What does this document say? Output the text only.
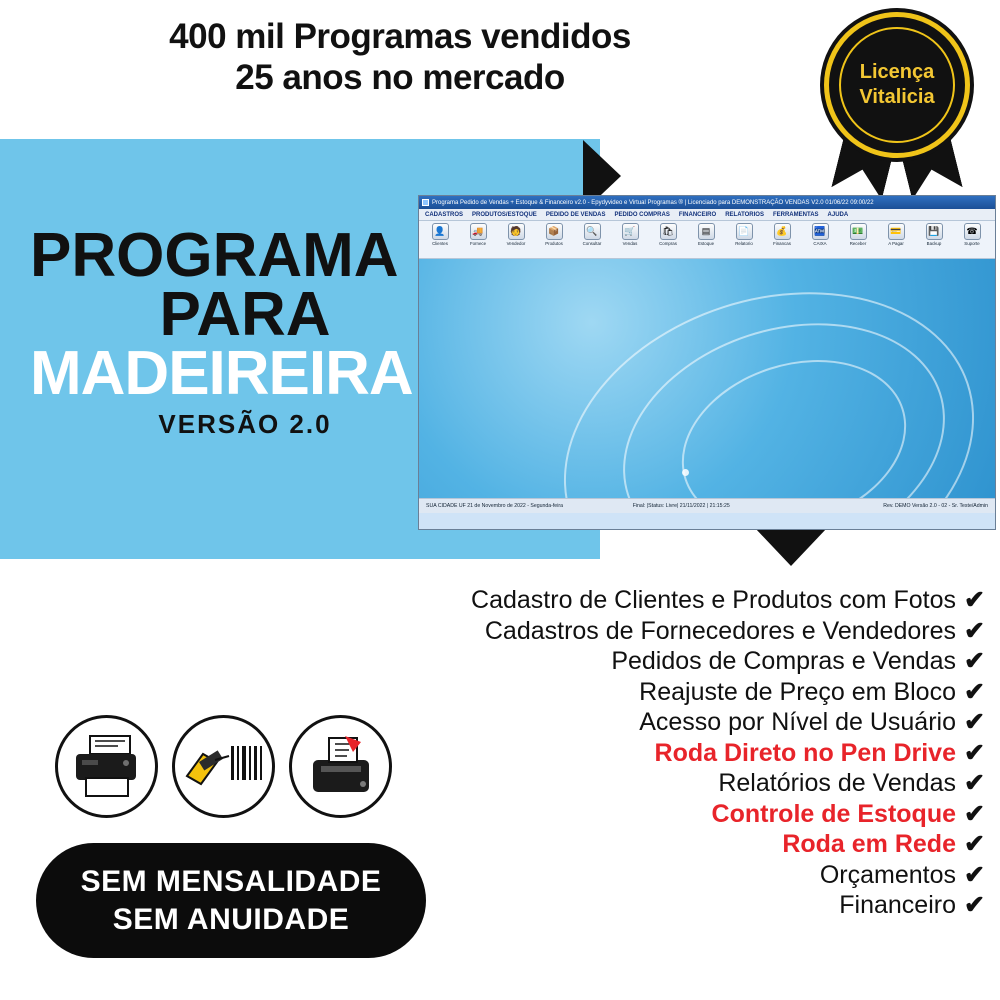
400 mil Programas vendidos
25 anos no mercado	Licença
Vitalicia
PROGRAMA
PARA
MADEIREIRA
VERSÃO 2.0
Programa Pedido de Vendas + Estoque & Financeiro v2.0 - Epydyvideo e Virtual Programas ® | Licenciado para DEMONSTRAÇÃO VENDAS V2.0 01/06/22 09:00/22
CADASTROS PRODUTOS/ESTOQUE PEDIDO DE VENDAS PEDIDO COMPRAS FINANCEIRO RELATORIOS FERRAMENTAS AJUDA
👤
Clientes
🚚
Fornece
🧑
Vendedor
📦
Produtos
🔍
Consultar
🛒
Vendas
🛍
Compras
▤
Estoque
📄
Relatorio
💰
Financas
🏧
CAIXA
💵
Receber
💳
A Pagar
💾
Backup
☎
Suporte
SUA CIDADE UF 21 de Novembro de 2022 - Segunda-feira	Final: |Status: Livre| 21/11/2022 | 21:15:25	Rev. DEMO Versão 2.0 - 02 - Sr. Teste/Admin
Cadastro de Clientes e Produtos com Fotos ✔
Cadastros de Fornecedores e Vendedores ✔
Pedidos de Compras e Vendas ✔
Reajuste de Preço em Bloco ✔
Acesso por Nível de Usuário ✔
Roda Direto no Pen Drive ✔
Relatórios de Vendas ✔
Controle de Estoque ✔
Roda em Rede ✔
Orçamentos ✔
Financeiro ✔
SEM MENSALIDADE
SEM ANUIDADE
